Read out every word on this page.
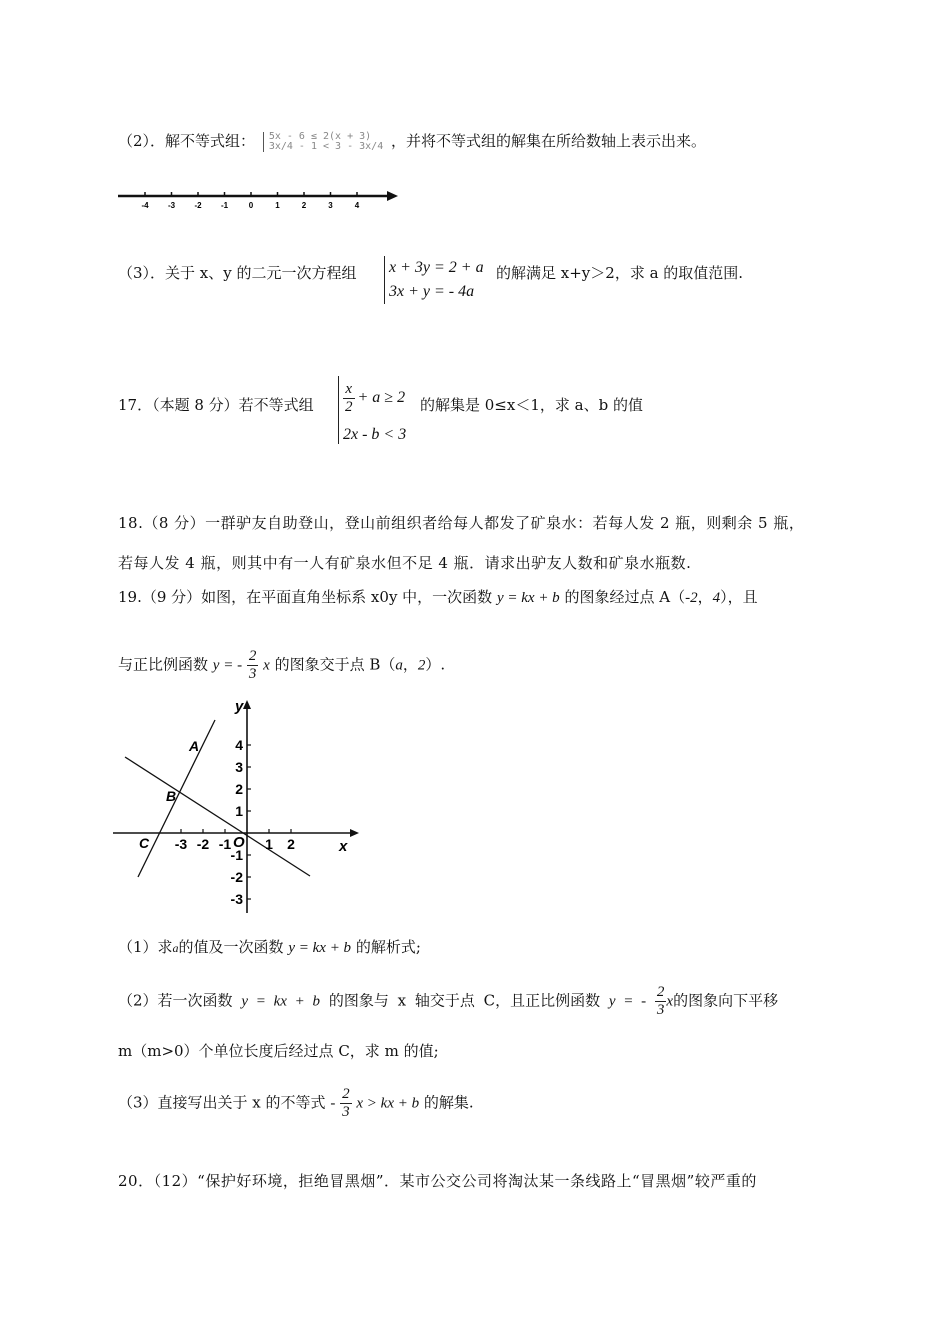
（2）．解不等式组： 5x - 6 ≤ 2(x + 3)
3x/4 - 1 < 3 - 3x/4 ，并将不等式组的解集在所给数轴上表示出来。
-4 -3 -2 -1	0	1	2	3	4
（3）．关于 x、y 的二元一次方程组 x + 3y = 2 + a
3x + y = - 4a
的解满足 x+y＞2，求 a 的取值范围.
17．（本题 8 分）若不等式组 $\frac{x}{2} + a \ge 2$
2x - b < 3
的解集是 0≤x＜1，求 a、b 的值
18.（8 分）一群驴友自助登山，登山前组织者给每人都发了矿泉水：若每人发 2 瓶，则剩余 5 瓶，
若每人发 4 瓶，则其中有一人有矿泉水但不足 4 瓶．请求出驴友人数和矿泉水瓶数.
19.（9 分）如图，在平面直角坐标系 x0y 中，一次函数 y = kx + b 的图象经过点 A（-2，4），且
与正比例函数 y = - $\frac{2}{3}$ x 的图象交于点 B（a，2）.
-3 -2 -1 1 2
4
3
2
1
-1
-2
-3
y
x
O
A
B
C
（1）求a的值及一次函数 y = kx + b 的解析式;
（2）若一次函数 y = kx + b 的图象与 x 轴交于点 C，且正比例函数 y = - $\frac{2}{3}$ x的图象向下平移
m（m>0）个单位长度后经过点 C，求 m 的值;
（3）直接写出关于 x 的不等式 - $\frac{2}{3}$ x > kx + b 的解集.
20．（12）“保护好环境，拒绝冒黑烟”．某市公交公司将淘汰某一条线路上“冒黑烟”较严重的
